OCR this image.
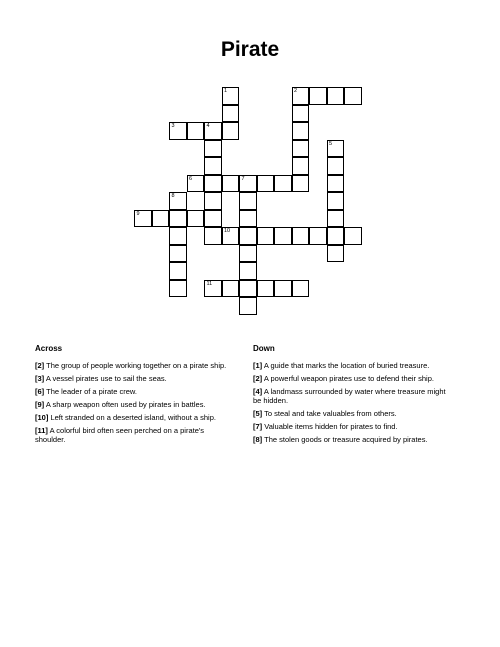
Pirate
2
3	4
6	7
9
10
11
1
5
8
Across
[2] The group of people working together on a pirate ship.
[3] A vessel pirates use to sail the seas.
[6] The leader of a pirate crew.
[9] A sharp weapon often used by pirates in battles.
[10] Left stranded on a deserted island, without a ship.
[11] A colorful bird often seen perched on a pirate's shoulder.
Down
[1] A guide that marks the location of buried treasure.
[2] A powerful weapon pirates use to defend their ship.
[4] A landmass surrounded by water where treasure might be hidden.
[5] To steal and take valuables from others.
[7] Valuable items hidden for pirates to find.
[8] The stolen goods or treasure acquired by pirates.
